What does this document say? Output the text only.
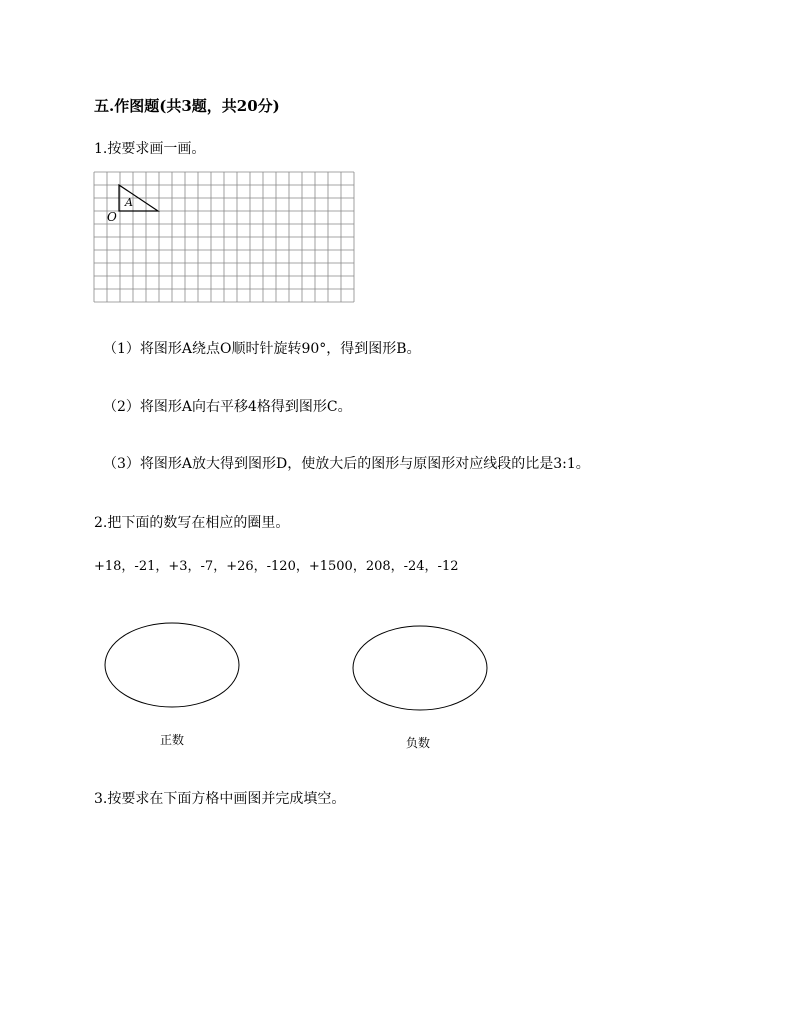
五.作图题(共3题，共20分)
1.按要求画一画。
A
O
（1）将图形A绕点O顺时针旋转90°，得到图形B。
（2）将图形A向右平移4格得到图形C。
（3）将图形A放大得到图形D，使放大后的图形与原图形对应线段的比是3:1。
2.把下面的数写在相应的圈里。
+18，-21，+3，-7，+26，-120，+1500，208，-24，-12
正数	负数
3.按要求在下面方格中画图并完成填空。
